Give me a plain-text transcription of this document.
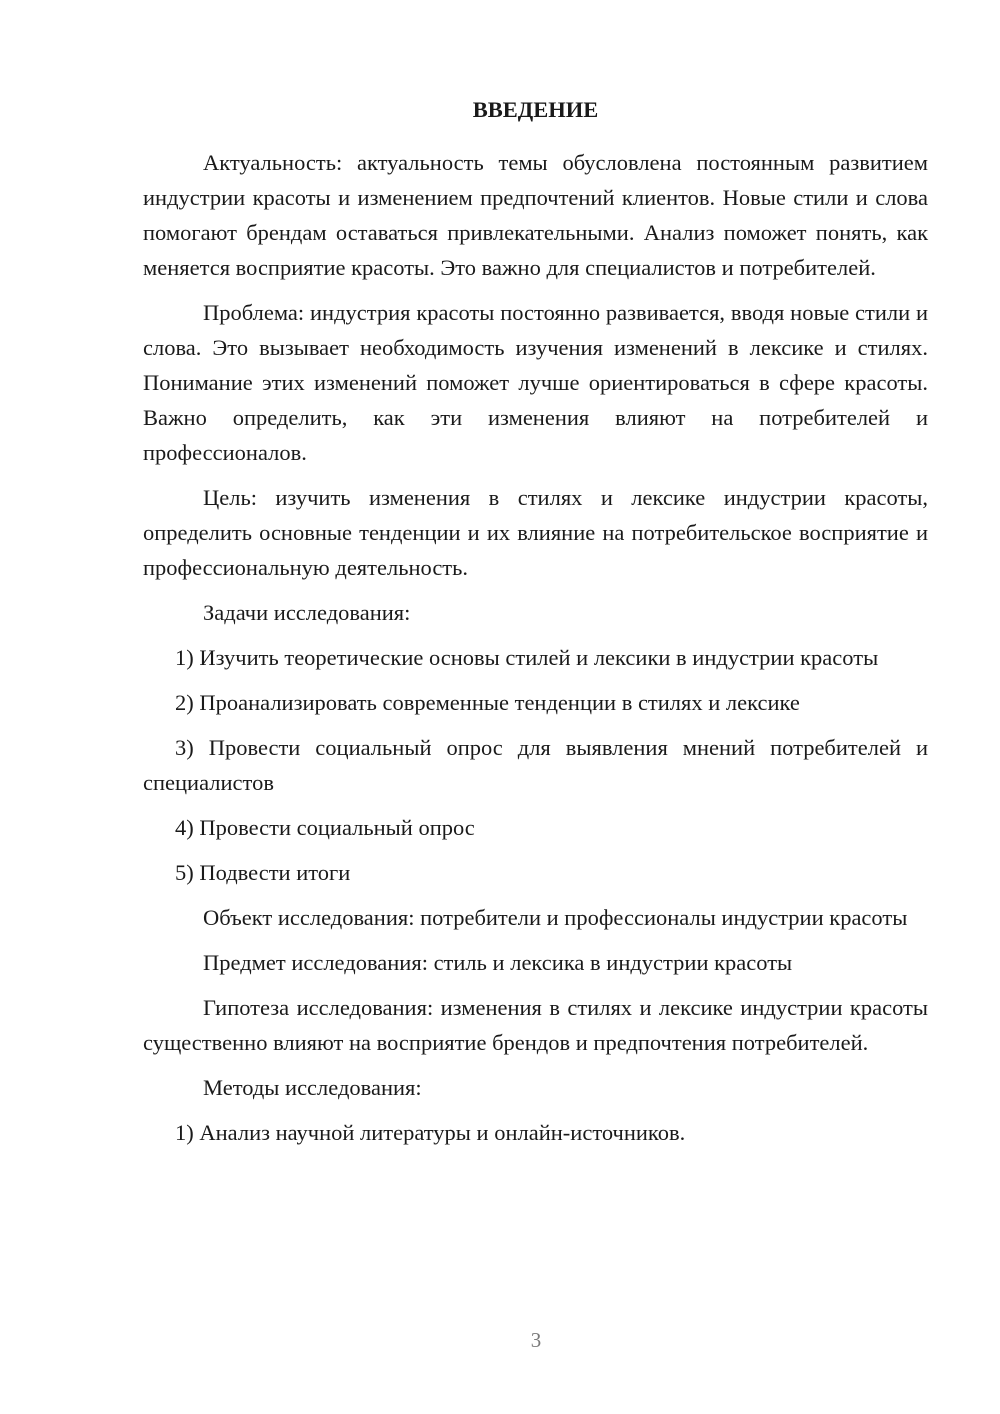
ВВЕДЕНИЕ

Актуальность: актуальность темы обусловлена постоянным развитием индустрии красоты и изменением предпочтений клиентов. Новые стили и слова помогают брендам оставаться привлекательными. Анализ поможет понять, как меняется восприятие красоты. Это важно для специалистов и потребителей.

Проблема: индустрия красоты постоянно развивается, вводя новые стили и слова. Это вызывает необходимость изучения изменений в лексике и стилях. Понимание этих изменений поможет лучше ориентироваться в сфере красоты. Важно определить, как эти изменения влияют на потребителей и профессионалов.

Цель: изучить изменения в стилях и лексике индустрии красоты, определить основные тенденции и их влияние на потребительское восприятие и профессиональную деятельность.

Задачи исследования:

1) Изучить теоретические основы стилей и лексики в индустрии красоты

2) Проанализировать современные тенденции в стилях и лексике

3) Провести социальный опрос для выявления мнений потребителей и специалистов

4) Провести социальный опрос

5) Подвести итоги

Объект исследования: потребители и профессионалы индустрии красоты

Предмет исследования: стиль и лексика в индустрии красоты

Гипотеза исследования: изменения в стилях и лексике индустрии красоты существенно влияют на восприятие брендов и предпочтения потребителей.

Методы исследования:

1) Анализ научной литературы и онлайн-источников.

3
